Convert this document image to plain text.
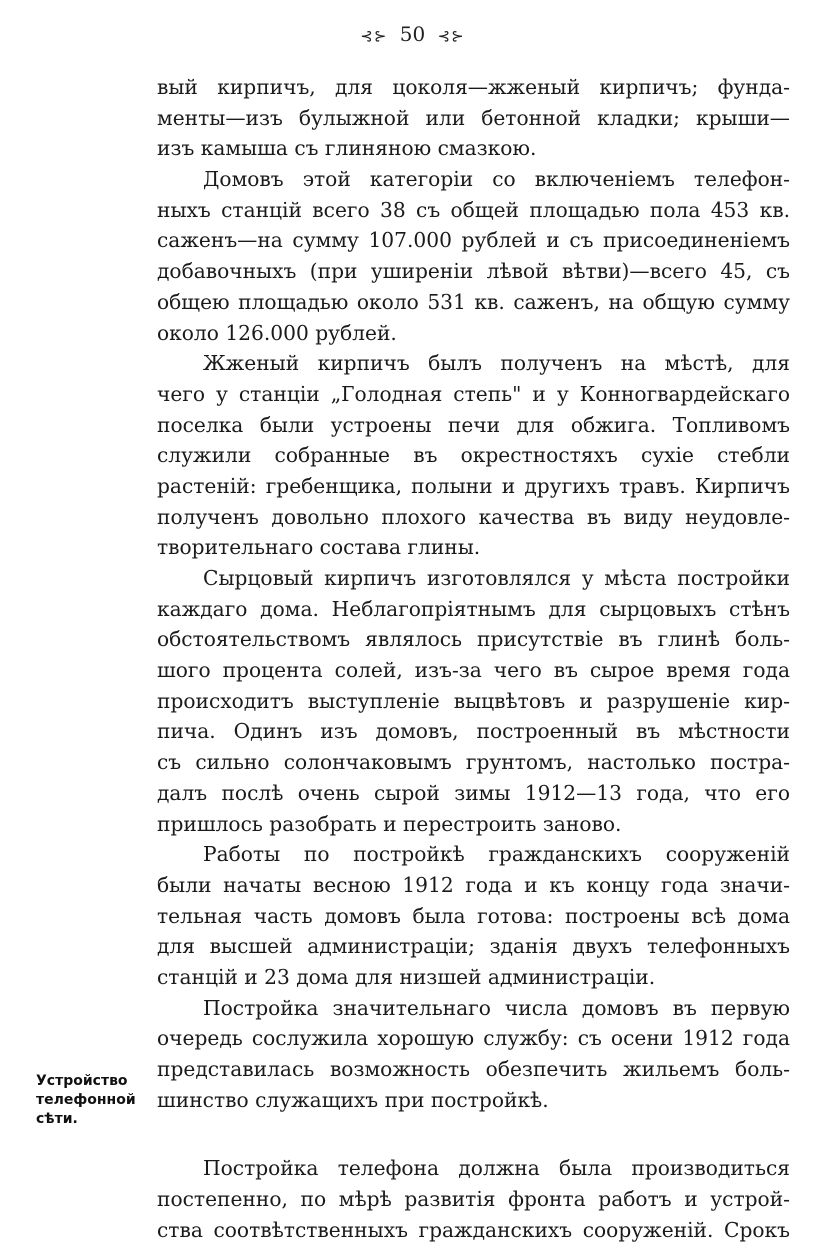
⊰⊱ 50 ⊰⊱
вый кирпичъ, для цоколя—жженый кирпичъ; фунда-
менты—изъ булыжной или бетонной кладки; крыши—
изъ камыша съ глиняною смазкою.
Домовъ этой категоріи со включеніемъ телефон-
ныхъ станцій всего 38 съ общей площадью пола 453 кв.
саженъ—на сумму 107.000 рублей и съ присоединеніемъ
добавочныхъ (при уширеніи лѣвой вѣтви)—всего 45, съ
общею площадью около 531 кв. саженъ, на общую сумму
около 126.000 рублей.
Жженый кирпичъ былъ полученъ на мѣстѣ, для
чего у станціи „Голодная степь" и у Конногвардейскаго
поселка были устроены печи для обжига. Топливомъ
служили собранные въ окрестностяхъ сухіе стебли
растеній: гребенщика, полыни и другихъ травъ. Кирпичъ
полученъ довольно плохого качества въ виду неудовле-
творительнаго состава глины.
Сырцовый кирпичъ изготовлялся у мѣста постройки
каждаго дома. Неблагопріятнымъ для сырцовыхъ стѣнъ
обстоятельствомъ являлось присутствіе въ глинѣ боль-
шого процента солей, изъ-за чего въ сырое время года
происходитъ выступленіе выцвѣтовъ и разрушеніе кир-
пича. Одинъ изъ домовъ, построенный въ мѣстности
съ сильно солончаковымъ грунтомъ, настолько пострa-
далъ послѣ очень сырой зимы 1912—13 года, что его
пришлось разобрать и перестроить заново.
Работы по постройкѣ гражданскихъ сооруженій
были начаты весною 1912 года и къ концу года значи-
тельная часть домовъ была готова: построены всѣ дома
для высшей администраціи; зданія двухъ телефонныхъ
станцій и 23 дома для низшей администраціи.
Постройка значительнаго числа домовъ въ первую
очередь сослужила хорошую службу: съ осени 1912 года
представилась возможность обезпечить жильемъ боль-
шинство служащихъ при постройкѣ.
Постройка телефона должна была производиться
постепенно, по мѣрѣ развитія фронта работъ и устрой-
ства соотвѣтственныхъ гражданскихъ сооруженій. Срокъ
Устройство
телефонной
сѣти.
